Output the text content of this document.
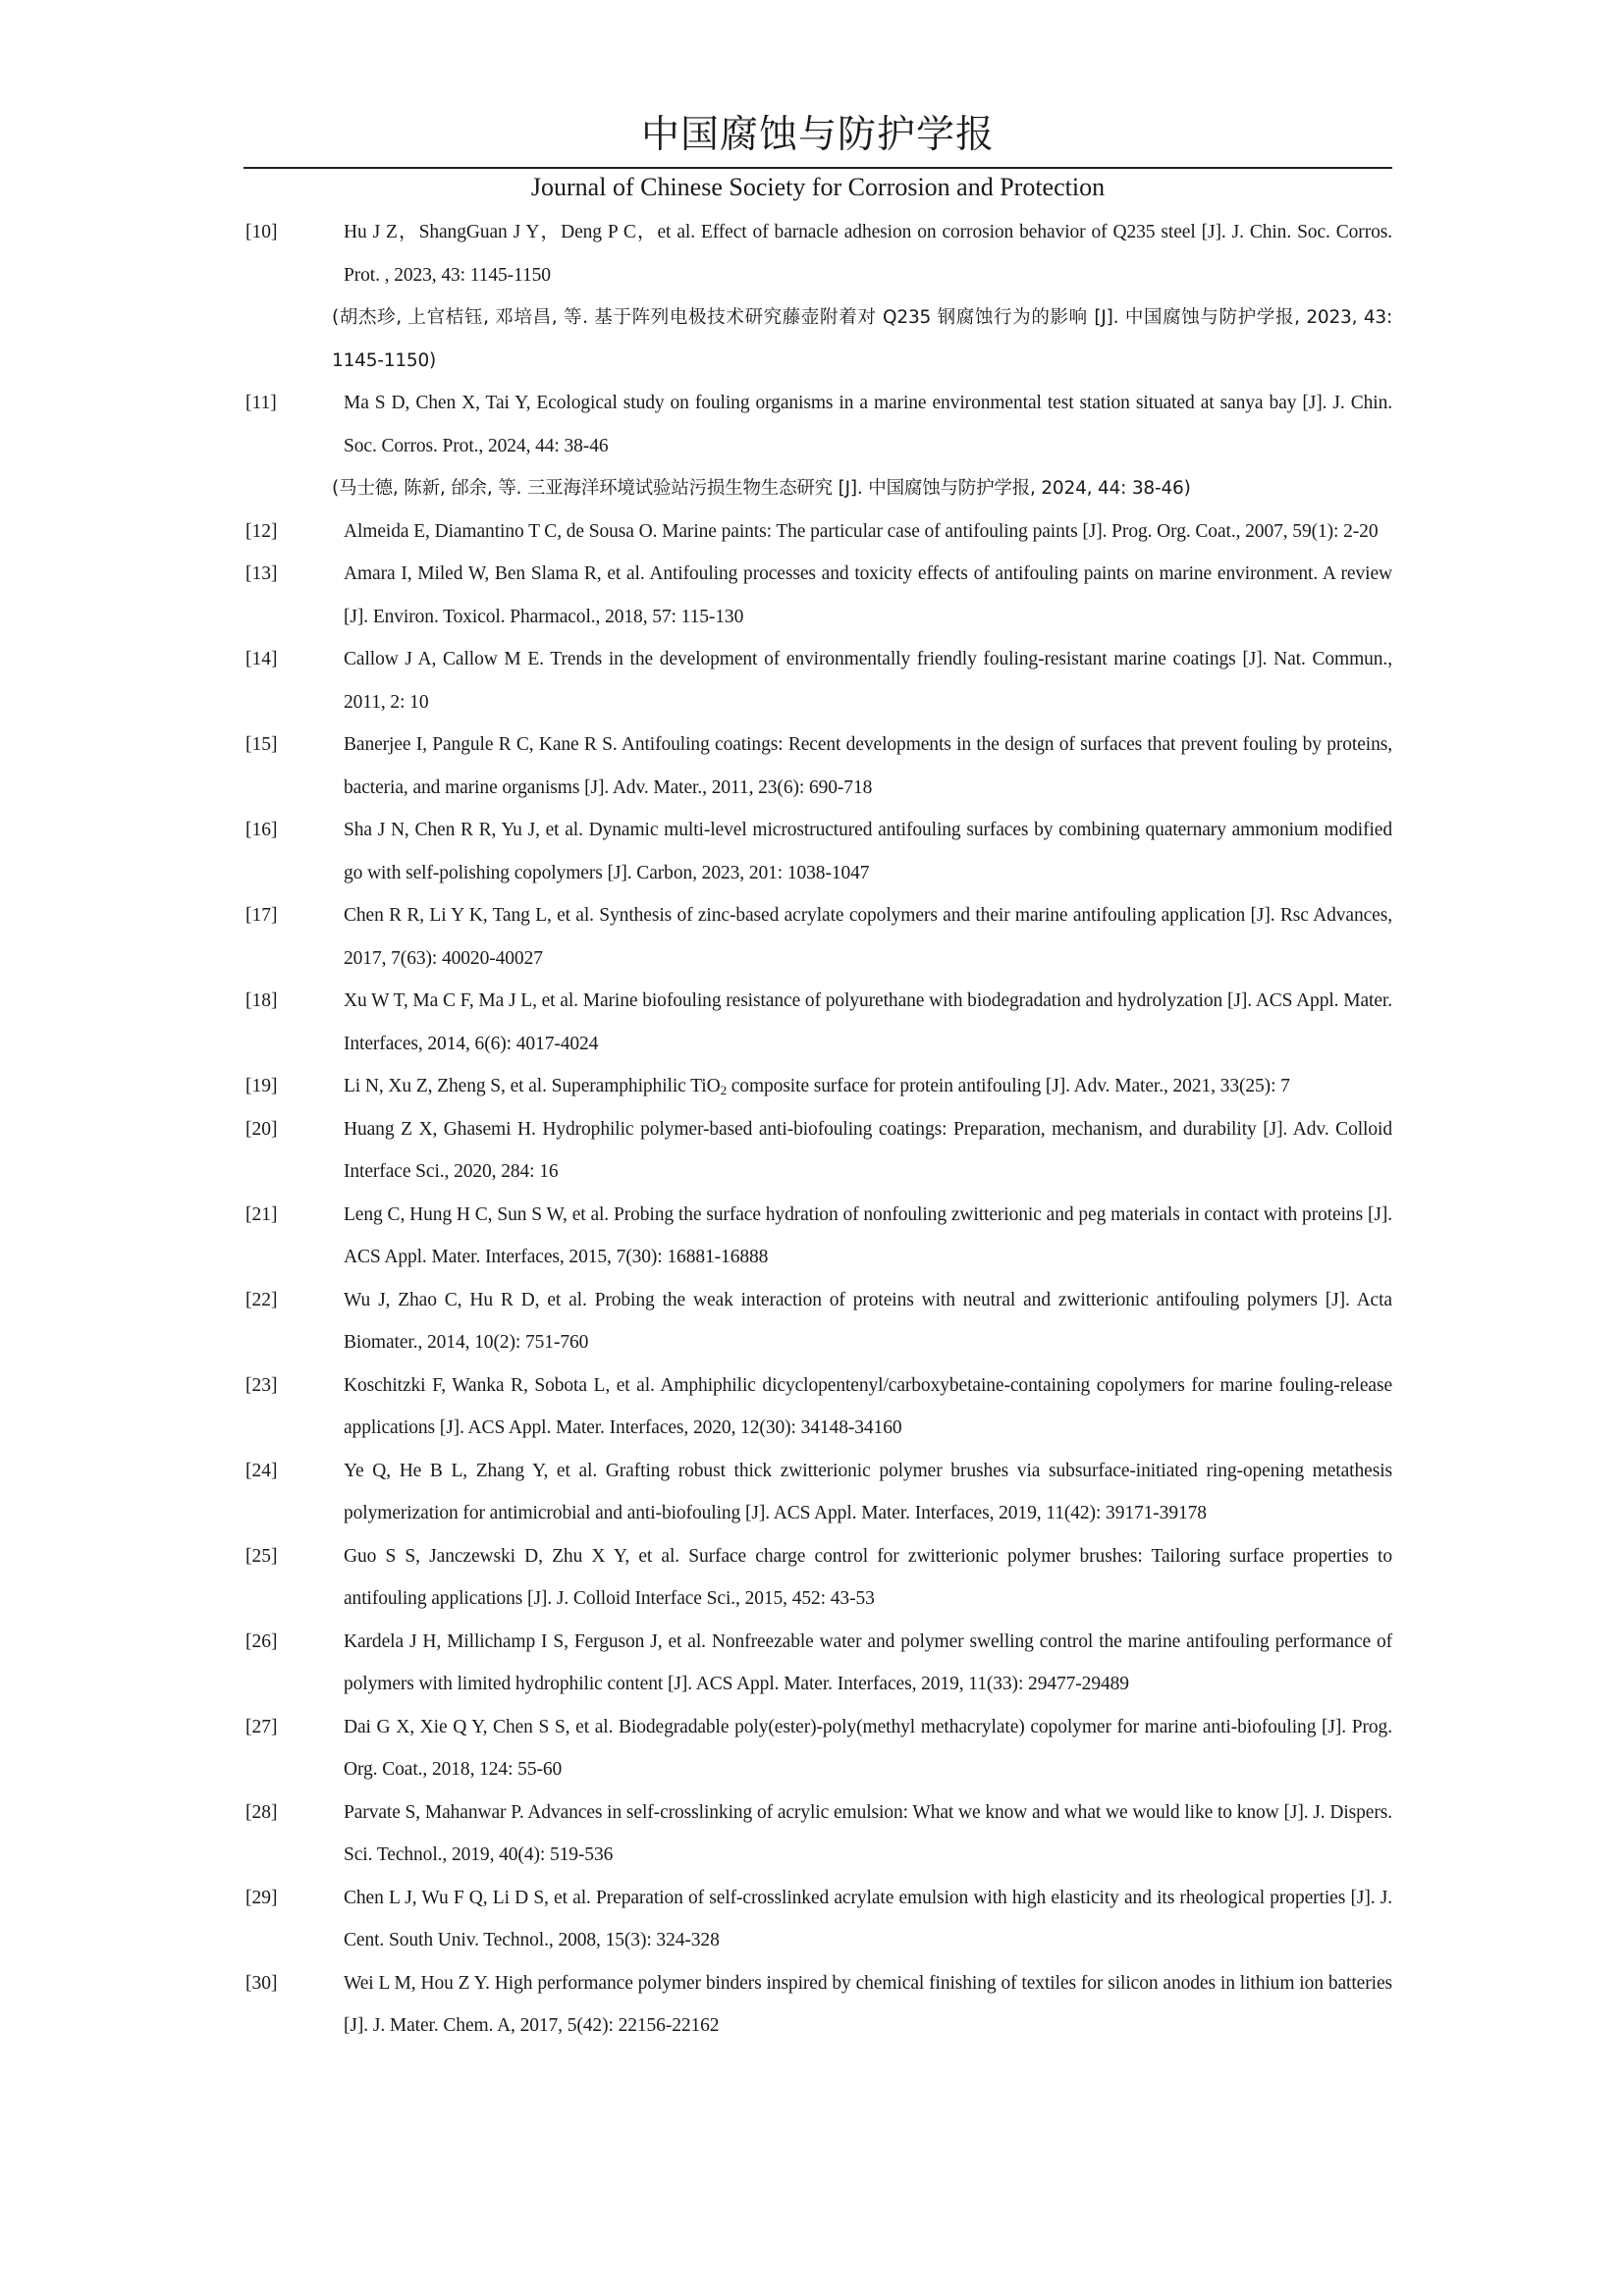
中国腐蚀与防护学报
Journal of Chinese Society for Corrosion and Protection
[10]	Hu J Z，ShangGuan J Y，Deng P C，et al. Effect of barnacle adhesion on corrosion behavior of Q235 steel [J]. J. Chin. Soc. Corros. Prot. , 2023, 43: 1145-1150
(胡杰珍, 上官桔钰, 邓培昌, 等. 基于阵列电极技术研究藤壶附着对 Q235 钢腐蚀行为的影响 [J]. 中国腐蚀与防护学报, 2023, 43: 1145-1150)
[11]	Ma S D, Chen X, Tai Y, Ecological study on fouling organisms in a marine environmental test station situated at sanya bay [J]. J. Chin. Soc. Corros. Prot., 2024, 44: 38-46
(马士德, 陈新, 邰余, 等. 三亚海洋环境试验站污损生物生态研究 [J]. 中国腐蚀与防护学报, 2024, 44: 38-46)
[12]	Almeida E, Diamantino T C, de Sousa O. Marine paints: The particular case of antifouling paints [J]. Prog. Org. Coat., 2007, 59(1): 2-20
[13]	Amara I, Miled W, Ben Slama R, et al. Antifouling processes and toxicity effects of antifouling paints on marine environment. A review [J]. Environ. Toxicol. Pharmacol., 2018, 57: 115-130
[14]	Callow J A, Callow M E. Trends in the development of environmentally friendly fouling-resistant marine coatings [J]. Nat. Commun., 2011, 2: 10
[15]	Banerjee I, Pangule R C, Kane R S. Antifouling coatings: Recent developments in the design of surfaces that prevent fouling by proteins, bacteria, and marine organisms [J]. Adv. Mater., 2011, 23(6): 690-718
[16]	Sha J N, Chen R R, Yu J, et al. Dynamic multi-level microstructured antifouling surfaces by combining quaternary ammonium modified go with self-polishing copolymers [J]. Carbon, 2023, 201: 1038-1047
[17]	Chen R R, Li Y K, Tang L, et al. Synthesis of zinc-based acrylate copolymers and their marine antifouling application [J]. Rsc Advances, 2017, 7(63): 40020-40027
[18]	Xu W T, Ma C F, Ma J L, et al. Marine biofouling resistance of polyurethane with biodegradation and hydrolyzation [J]. ACS Appl. Mater. Interfaces, 2014, 6(6): 4017-4024
[19]	Li N, Xu Z, Zheng S, et al. Superamphiphilic TiO$_2$ composite surface for protein antifouling [J]. Adv. Mater., 2021, 33(25): 7
[20]	Huang Z X, Ghasemi H. Hydrophilic polymer-based anti-biofouling coatings: Preparation, mechanism, and durability [J]. Adv. Colloid Interface Sci., 2020, 284: 16
[21]	Leng C, Hung H C, Sun S W, et al. Probing the surface hydration of nonfouling zwitterionic and peg materials in contact with proteins [J]. ACS Appl. Mater. Interfaces, 2015, 7(30): 16881-16888
[22]	Wu J, Zhao C, Hu R D, et al. Probing the weak interaction of proteins with neutral and zwitterionic antifouling polymers [J]. Acta Biomater., 2014, 10(2): 751-760
[23]	Koschitzki F, Wanka R, Sobota L, et al. Amphiphilic dicyclopentenyl/carboxybetaine-containing copolymers for marine fouling-release applications [J]. ACS Appl. Mater. Interfaces, 2020, 12(30): 34148-34160
[24]	Ye Q, He B L, Zhang Y, et al. Grafting robust thick zwitterionic polymer brushes via subsurface-initiated ring-opening metathesis polymerization for antimicrobial and anti-biofouling [J]. ACS Appl. Mater. Interfaces, 2019, 11(42): 39171-39178
[25]	Guo S S, Janczewski D, Zhu X Y, et al. Surface charge control for zwitterionic polymer brushes: Tailoring surface properties to antifouling applications [J]. J. Colloid Interface Sci., 2015, 452: 43-53
[26]	Kardela J H, Millichamp I S, Ferguson J, et al. Nonfreezable water and polymer swelling control the marine antifouling performance of polymers with limited hydrophilic content [J]. ACS Appl. Mater. Interfaces, 2019, 11(33): 29477-29489
[27]	Dai G X, Xie Q Y, Chen S S, et al. Biodegradable poly(ester)-poly(methyl methacrylate) copolymer for marine anti-biofouling [J]. Prog. Org. Coat., 2018, 124: 55-60
[28]	Parvate S, Mahanwar P. Advances in self-crosslinking of acrylic emulsion: What we know and what we would like to know [J]. J. Dispers. Sci. Technol., 2019, 40(4): 519-536
[29]	Chen L J, Wu F Q, Li D S, et al. Preparation of self-crosslinked acrylate emulsion with high elasticity and its rheological properties [J]. J. Cent. South Univ. Technol., 2008, 15(3): 324-328
[30]	Wei L M, Hou Z Y. High performance polymer binders inspired by chemical finishing of textiles for silicon anodes in lithium ion batteries [J]. J. Mater. Chem. A, 2017, 5(42): 22156-22162
